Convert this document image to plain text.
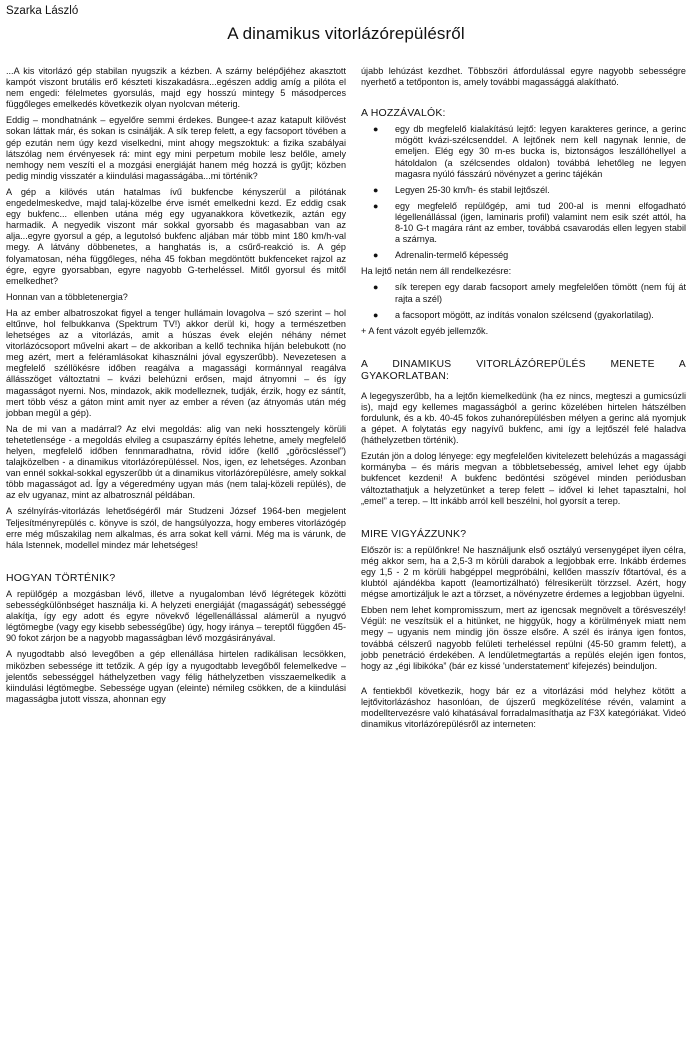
Szarka László
A dinamikus vitorlázórepülésről

...A kis vitorlázó gép stabilan nyugszik a kézben. A szárny belépőjéhez akasztott kampót viszont brutális erő készteti kiszakadásra...egészen addig amíg a pilóta el nem engedi: félelmetes gyorsulás, majd egy hosszú mintegy 5 másodperces függőleges emelkedés következik olyan nyolcvan méterig.

Eddig – mondhatnánk – egyelőre semmi érdekes. Bungee-t azaz katapult kilövést sokan láttak már, és sokan is csinálják. A sík terep felett, a egy facsoport tövében a gép ezután nem úgy kezd viselkedni, mint ahogy megszoktuk: a fizika szabályai látszólag nem érvényesek rá: mint egy mini perpetum mobile lesz belőle, amely nemhogy nem veszíti el a mozgási energiáját hanem még hozzá is gyűjt; közben pedig mindig visszatér a kiindulási magasságába...mi történik?

A gép a kilövés után hatalmas ívű bukfencbe kényszerül a pilótának engedelmeskedve, majd talaj-közelbe érve ismét emelkedni kezd. Ez eddig csak egy bukfenc... ellenben utána még egy ugyanakkora következik, aztán egy harmadik. A negyedik viszont már sokkal gyorsabb és magasabban van az alja...egyre gyorsul a gép, a legutolsó bukfenc aljában már több mint 180 km/h-val megy. A látvány döbbenetes, a hanghatás is, a csűrő-reakció is. A gép folyamatosan, néha függőleges, néha 45 fokban megdöntött bukfenceket rajzol az égre, egyre gyorsabban, egyre nagyobb G-terheléssel. Mitől gyorsul és mitől emelkedhet?

Honnan van a többletenergia?

Ha az ember albatroszokat figyel a tenger hullámain lovagolva – szó szerint – hol eltűnve, hol felbukkanva (Spektrum TV!) akkor derül ki, hogy a természetben lehetséges az a vitorlázás, amit a húszas évek elején néhány német vitorlázócsoport művelni akart – de akkoriban a kellő technika híján belebukott (no meg azért, mert a feléramlásokat kihasználni jóval egyszerűbb). Nevezetesen a megfelelő széllökésre időben reagálva a magassági kormánnyal reagálva állásszöget változtatni – kvázi belehúzni erősen, majd átnyomni – és így magasságot nyerni. Nos, mindazok, akik modelleznek, tudják, érzik, hogy ez sántít, mert több vész a gáton mint amit nyer az ember a réven (az átnyomás után még jobban megül a gép).

Na de mi van a madárral? Az elvi megoldás: alig van neki hossztengely körüli tehetetlensége - a megoldás elvileg a csupaszárny építés lehetne, amely megfelelő helyen, megfelelő időben fennmaradhatna, rövid időre (kellő „göröcsléssel”) talajközelben - a dinamikus vitorlázórepüléssel. Nos, igen, ez lehetséges. Azonban van ennél sokkal-sokkal egyszerűbb út a dinamikus vitorlázórepülésre, amely sokkal több magasságot ad. Így a végeredmény ugyan más (nem talaj-közeli repülés), de az elv ugyanaz, mint az albatrosznál példában.

A szélnyírás-vitorlázás lehetőségéről már Studzeni József 1964-ben megjelent Teljesítményrepülés c. könyve is szól, de hangsúlyozza, hogy emberes vitorlázógép erre még műszakilag nem alkalmas, és arra sokat kell várni. Még ma is várunk, de hála Istennek, modellel mindez már lehetséges!

HOGYAN TÖRTÉNIK?

A repülőgép a mozgásban lévő, illetve a nyugalomban lévő légrétegek közötti sebességkülönbséget használja ki. A helyzeti energiáját (magasságát) sebességgé alakítja, így egy adott és egyre növekvő légellenállással alámerül a nyugvó légtömegbe (vagy egy kisebb sebességűbe) úgy, hogy iránya – tereptől függően 45-90 fokot zárjon be a nagyobb magasságban lévő mozgásirányával.

A nyugodtabb alsó levegőben a gép ellenállása hirtelen radikálisan lecsökken, miközben sebessége itt tetőzik. A gép így a nyugodtabb levegőből felemelkedve – jelentős sebességgel háthelyzetben vagy félig háthelyzetben visszaemelkedik a kiindulási légtömegbe. Sebessége ugyan (eleinte) némileg csökken, de a kiindulási magasságba jutott vissza, ahonnan egy

újabb lehúzást kezdhet. Többszöri átfordulással egyre nagyobb sebességre nyerhető a tetőponton is, amely további magassággá alakítható.

A HOZZÁVALÓK:
● egy db megfelelő kialakítású lejtő: legyen karakteres gerince, a gerinc mögött kvázi-szélcsenddel. A lejtőnek nem kell nagynak lennie, de emeljen. Elég egy 30 m-es bucka is, biztonságos leszállóhellyel a hátoldalon (a szélcsendes oldalon) továbbá lehetőleg ne legyen magasra nyúló fásszárú növényzet a gerinc tájékán
● Legyen 25-30 km/h- és stabil lejtőszél.
● egy megfelelő repülőgép, ami tud 200-al is menni elfogadható légellenállással (igen, laminaris profil) valamint nem esik szét attól, ha 8-10 G-t magára ránt az ember, továbbá csavarodás ellen legyen stabil a szárnya.
● Adrenalin-termelő képesség

Ha lejtő netán nem áll rendelkezésre:

● sík terepen egy darab facsoport amely megfelelően tömött (nem fúj át rajta a szél)
● a facsoport mögött, az indítás vonalon szélcsend (gyakorlatilag).

+ A fent vázolt egyéb jellemzők.

A DINAMIKUS VITORLÁZÓREPÜLÉS MENETE A GYAKORLATBAN:

A legegyszerűbb, ha a lejtőn kiemelkedünk (ha ez nincs, megteszi a gumicsúzli is), majd egy kellemes magasságból a gerinc közelében hirtelen hátszélben fordulunk, és a kb. 40-45 fokos zuhanórepülésben mélyen a gerinc alá nyomjuk a gépet. A folytatás egy nagyívű bukfenc, ami így a lejtőszél felé haladva (háthelyzetben történik).

Ezután jön a dolog lényege: egy megfelelően kivitelezett belehúzás a magassági kormányba – és máris megvan a többletsebesség, amivel lehet egy újabb bukfencet kezdeni! A bukfenc bedöntési szögével minden periódusban változtathatjuk a helyzetünket a terep felett – idővel ki lehet tapasztalni, hol „emel” a terep. – Itt inkább arról kell beszélni, hol gyorsít a terep.

MIRE VIGYÁZZUNK?

Először is: a repülőnkre! Ne használjunk első osztályú versenygépet ilyen célra, még akkor sem, ha a 2,5-3 m körüli darabok a legjobbak erre. Inkább érdemes egy 1,5 - 2 m körüli habgéppel megpróbálni, kellően masszív főtartóval, és a klubtól ajándékba kapott (leamortizálható) félresikerült törzzsel. Azért, hogy mégse amortizáljuk le azt a törzset, a növényzetre érdemes a legjobban ügyelni.

Ebben nem lehet kompromisszum, mert az igencsak megnövelt a törésveszély! Végül: ne veszítsük el a hitünket, ne higgyük, hogy a körülmények miatt nem megy – ugyanis nem mindig jön össze elsőre. A szél és iránya igen fontos, továbbá célszerű nagyobb felületi terheléssel repülni (45-50 gramm felett), a jobb penetráció érdekében. A lendületmegtartás a repülés elején igen fontos, hogy az „égi libikóka” (bár ez kissé 'understatement' kifejezés) beinduljon.

A fentiekből következik, hogy bár ez a vitorlázási mód helyhez kötött a lejtővitorlázáshoz hasonlóan, de újszerű megközelítése révén, valamint a modelltervezésre való kihatásával forradalmasíthatja az F3X kategóriákat. Videó dinamikus vitorlázórepülésről az interneten:
